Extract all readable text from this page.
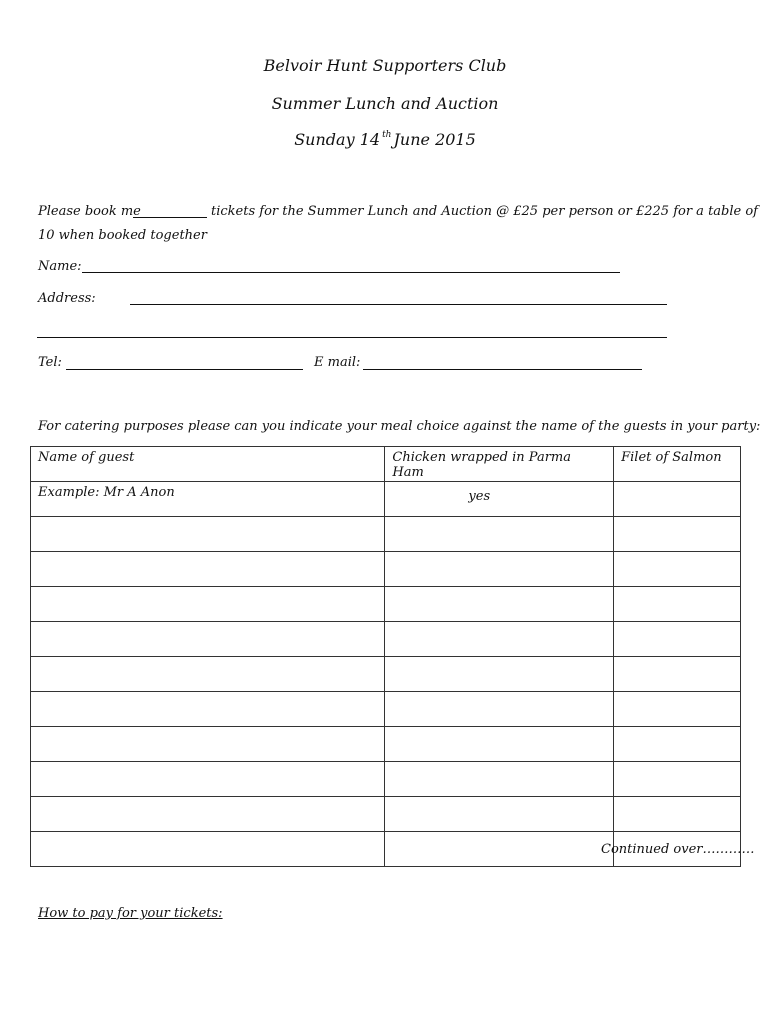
Belvoir Hunt Supporters Club
Summer Lunch and Auction
Sunday 14 $^{th}$ June 2015
Please book me	tickets for the Summer Lunch and Auction @ £25 per person or £225 for a table of
10 when booked together
Name:
Address:
Tel:	E mail:
For catering purposes please can you indicate your meal choice against the name of the guests in your party:
Name of guest	Chicken wrapped in Parma Ham	Filet of Salmon
Example: Mr A Anon	yes	

Continued over…………
How to pay for your tickets:
